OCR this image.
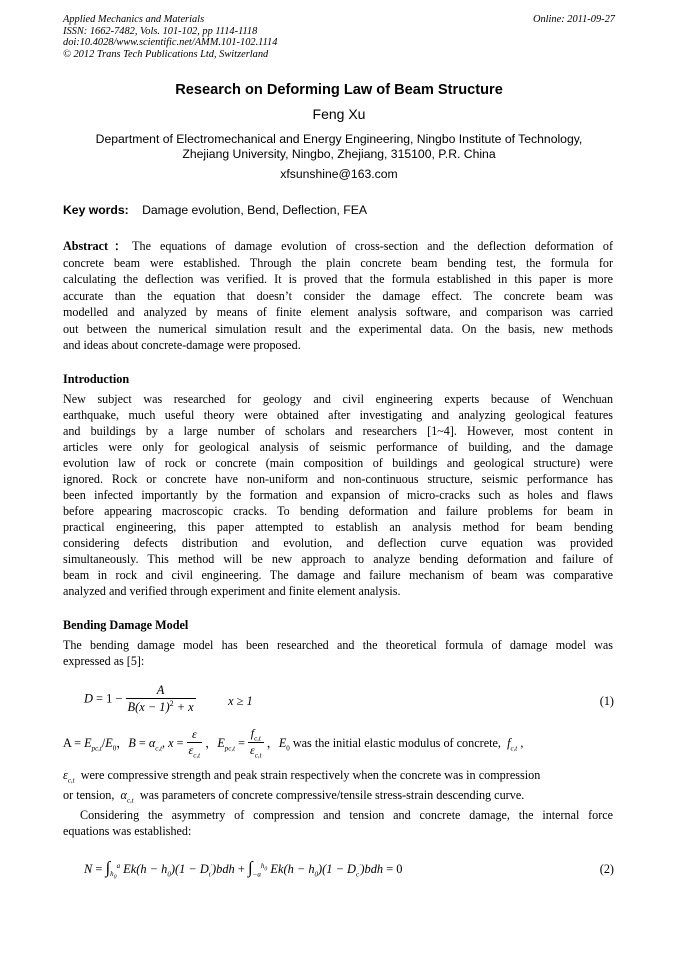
Applied Mechanics and Materials
ISSN: 1662-7482, Vols. 101-102, pp 1114-1118
doi:10.4028/www.scientific.net/AMM.101-102.1114
© 2012 Trans Tech Publications Ltd, Switzerland
Online: 2011-09-27
Research on Deforming Law of Beam Structure
Feng Xu
Department of Electromechanical and Energy Engineering, Ningbo Institute of Technology,
Zhejiang University, Ningbo, Zhejiang, 315100, P.R. China
xfsunshine@163.com
Key words: Damage evolution, Bend, Deflection, FEA
Abstract：The equations of damage evolution of cross-section and the deflection deformation of
concrete beam were established. Through the plain concrete beam bending test, the formula for
calculating the deflection was verified. It is proved that the formula established in this paper is more
accurate than the equation that doesn’t consider the damage effect. The concrete beam was
modelled and analyzed by means of finite element analysis software, and comparison was carried
out between the numerical simulation result and the experimental data. On the basis, new methods
and ideas about concrete-damage were proposed.
Introduction
New subject was researched for geology and civil engineering experts because of Wenchuan
earthquake, much useful theory were obtained after investigating and analyzing geological features
and buildings by a large number of scholars and researchers [1~4]. However, most content in
articles were only for geological analysis of seismic performance of building, and the damage
evolution law of rock or concrete (main composition of buildings and geological structure) were
ignored. Rock or concrete have non-uniform and non-continuous structure, seismic performance has
been infected importantly by the formation and expansion of micro-cracks such as holes and flaws
before appearing macroscopic cracks. To bending deformation and failure problems for beam in
practical engineering, this paper attempted to establish an analysis method for beam bending
considering defects distribution and evolution, and deflection curve equation was provided
simultaneously. This method will be new approach to analyze bending deformation and failure of
beam in rock and civil engineering. The damage and failure mechanism of beam was comparative
analyzed and verified through experiment and finite element analysis.
Bending Damage Model
The bending damage model has been researched and the theoretical formula of damage model was
expressed as [5]:
$D = 1 - \frac{A}{B(x - 1)^2 + x}$	x ≥ 1	(1)
$A = E_{pc,t}/E_0$，$B = \alpha_{c,t}$, $x = \frac{\varepsilon}{\varepsilon_{c,t}}$ ，$E_{pc,t} = \frac{f_{c,t}}{\varepsilon_{c,t}}$ ，$E_0$ was the initial elastic modulus of concrete, $f_{c,t}$ ,
$\varepsilon_{c,t}$ were compressive strength and peak strain respectively when the concrete was in compression
or tension, $\alpha_{c,t}$ was parameters of concrete compressive/tensile stress-strain descending curve.
Considering the asymmetry of compression and tension and concrete damage, the internal force
equations was established:
$N = \int_{h_0}^a$ $Ek(h - h_0)(1 - D_t')bdh + \int_{-a}^{h_0}$ $Ek(h - h_0)(1 - D_c')bdh = 0$	(2)
